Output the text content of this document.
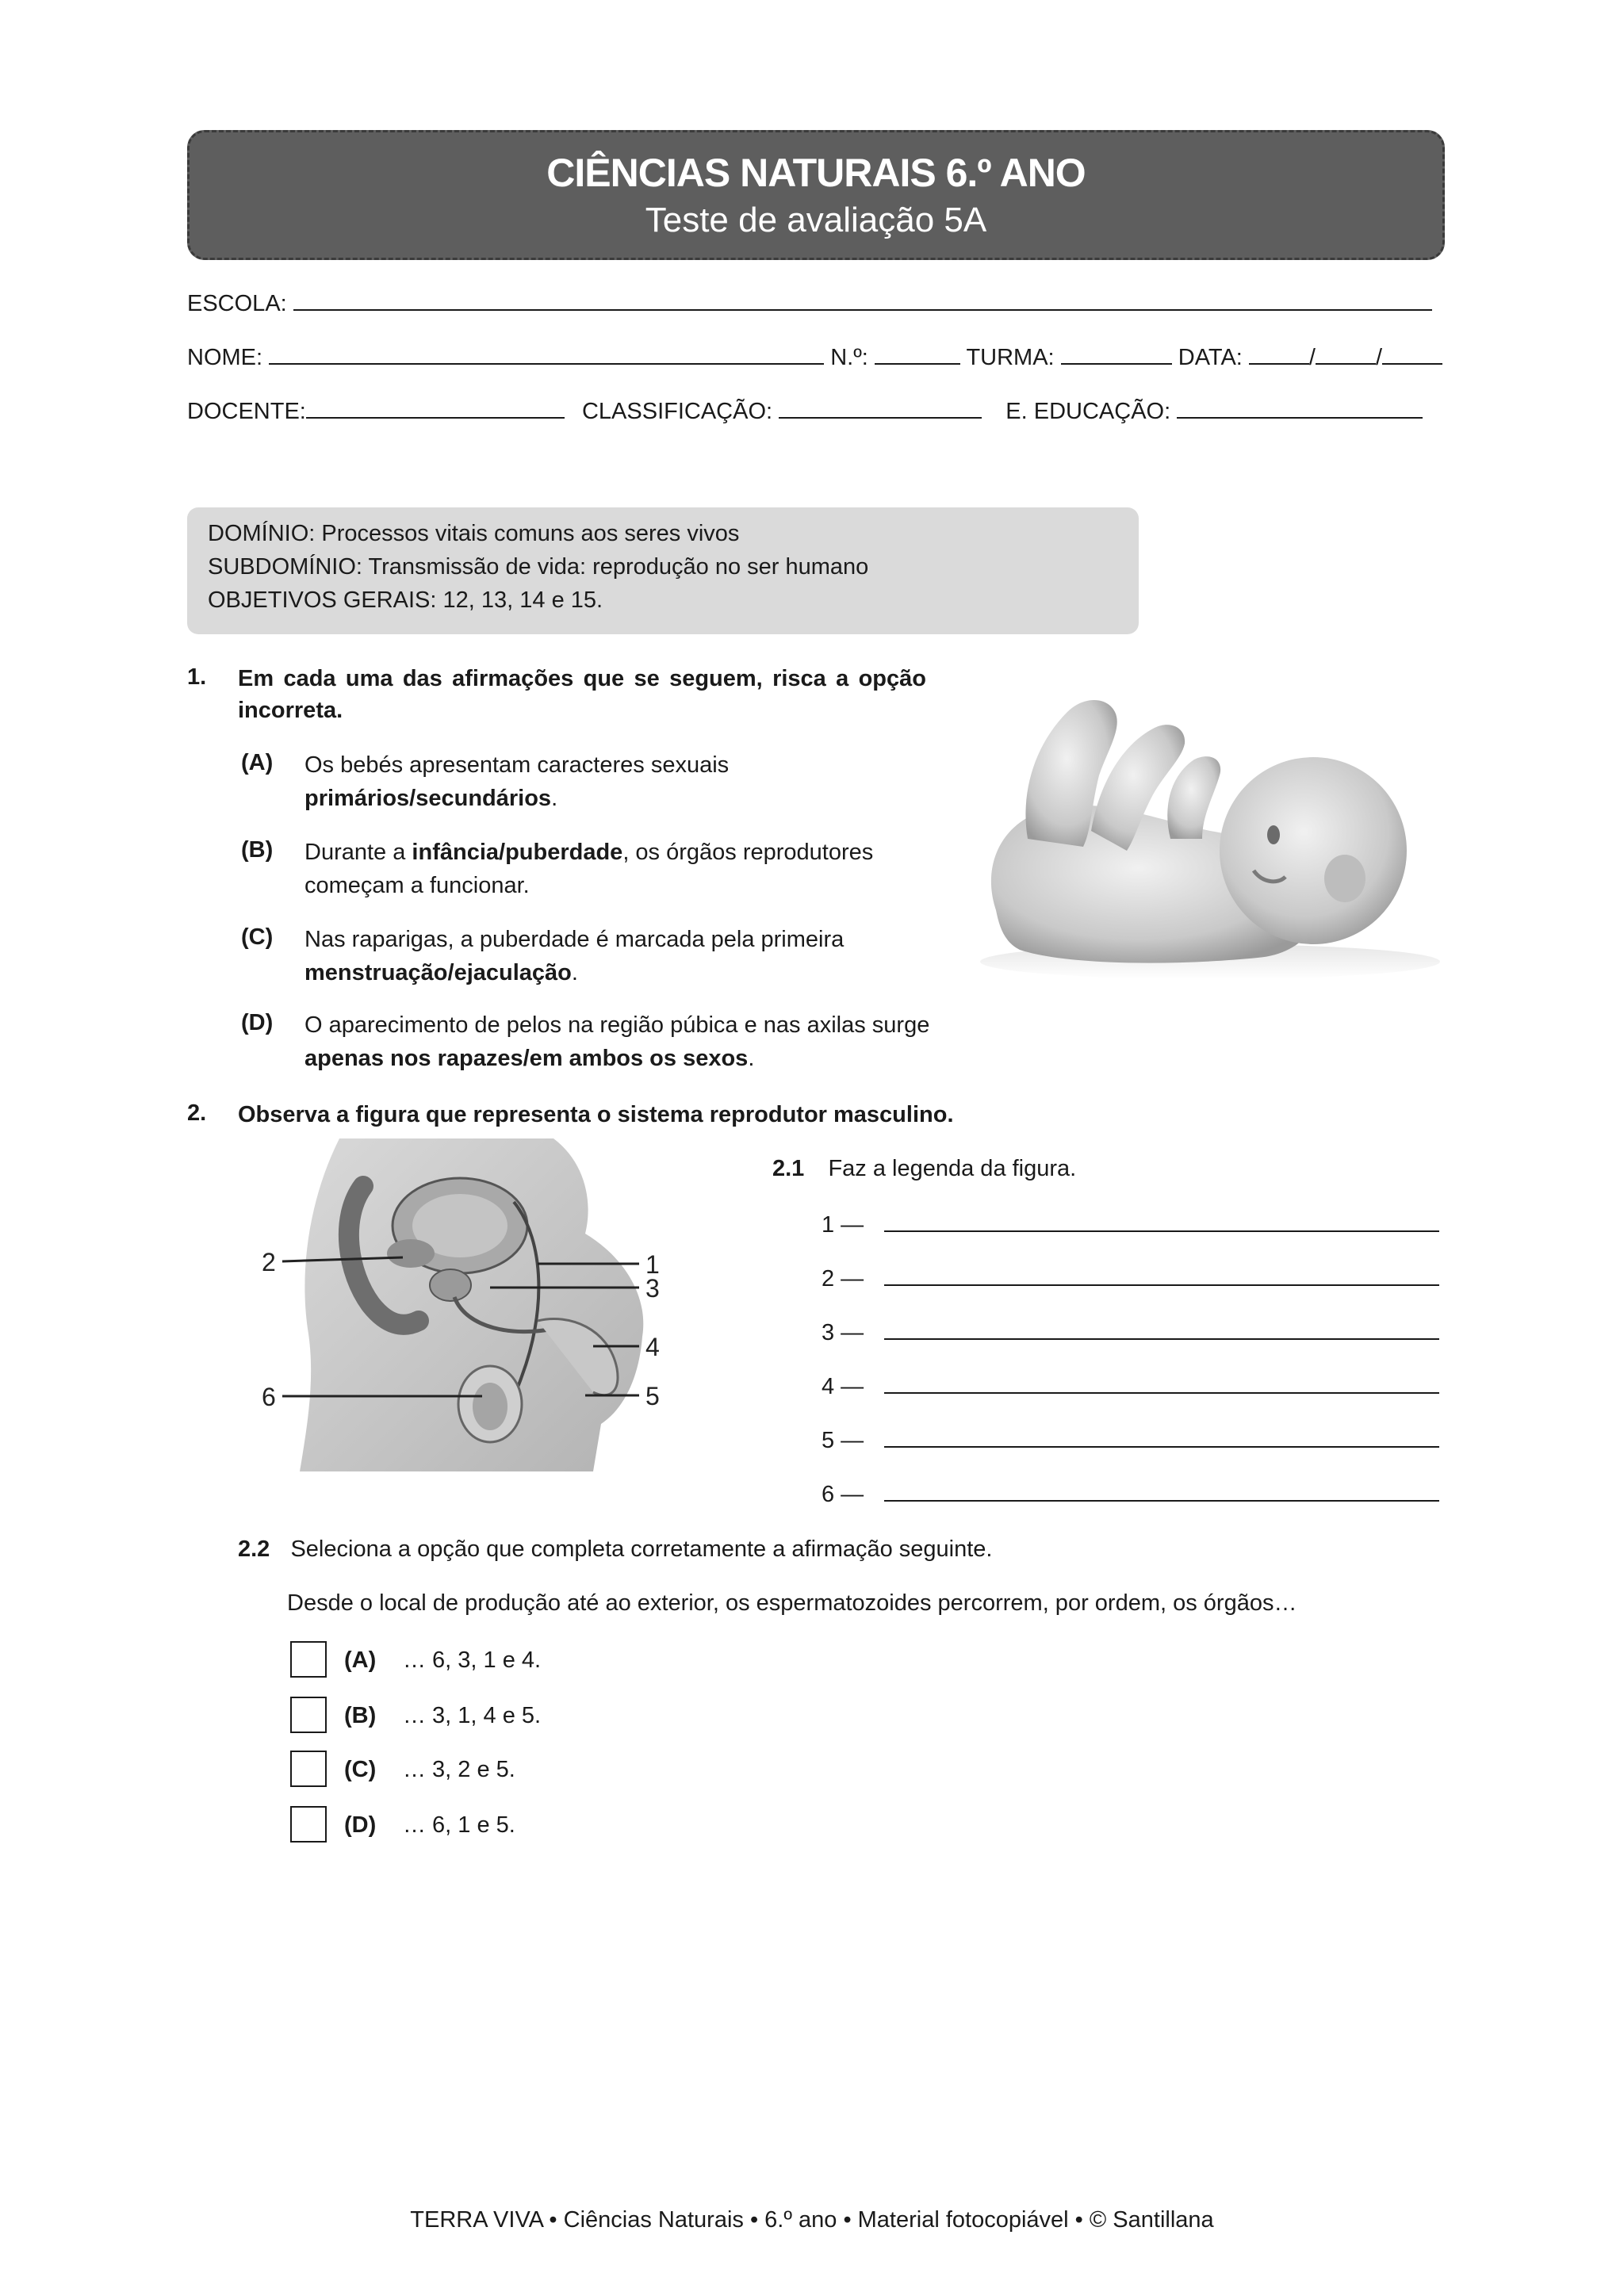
CIÊNCIAS NATURAIS 6.º ANO
Teste de avaliação 5A
ESCOLA:
NOME:	N.º:	TURMA:	DATA:	/	/
DOCENTE:	CLASSIFICAÇÃO:	E. EDUCAÇÃO:
DOMÍNIO: Processos vitais comuns aos seres vivos
SUBDOMÍNIO: Transmissão de vida: reprodução no ser humano
OBJETIVOS GERAIS: 12, 13, 14 e 15.
1. Em cada uma das afirmações que se seguem, risca a opção incorreta.
(A) Os bebés apresentam caracteres sexuais primários/secundários.
(B) Durante a infância/puberdade, os órgãos reprodutores começam a funcionar.
(C) Nas raparigas, a puberdade é marcada pela primeira menstruação/ejaculação.
(D) O aparecimento de pelos na região púbica e nas axilas surge apenas nos rapazes/em ambos os sexos.
2. Observa a figura que representa o sistema reprodutor masculino.
1
2
3
4
5
6
2.1 Faz a legenda da figura.
1 —
2 —
3 —
4 —
5 —
6 —
2.2 Seleciona a opção que completa corretamente a afirmação seguinte.
Desde o local de produção até ao exterior, os espermatozoides percorrem, por ordem, os órgãos…
(A) … 6, 3, 1 e 4.
(B) … 3, 1, 4 e 5.
(C) … 3, 2 e 5.
(D) … 6, 1 e 5.
TERRA VIVA • Ciências Naturais • 6.º ano • Material fotocopiável • © Santillana
